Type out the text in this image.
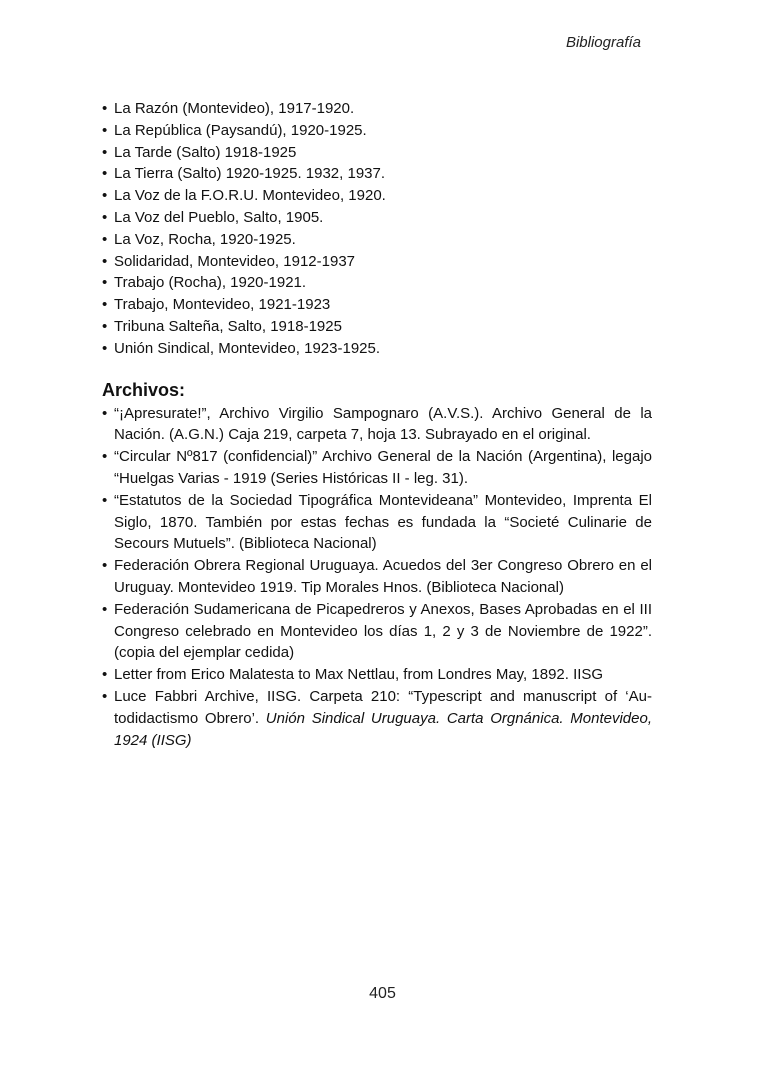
Bibliografía
• La Razón (Montevideo), 1917-1920.
• La República (Paysandú), 1920-1925.
• La Tarde (Salto) 1918-1925
• La Tierra (Salto) 1920-1925. 1932, 1937.
• La Voz de la F.O.R.U. Montevideo, 1920.
• La Voz del Pueblo, Salto, 1905.
• La Voz, Rocha, 1920-1925.
• Solidaridad, Montevideo, 1912-1937
• Trabajo (Rocha), 1920-1921.
• Trabajo, Montevideo, 1921-1923
• Tribuna Salteña, Salto, 1918-1925
• Unión Sindical, Montevideo, 1923-1925.
Archivos:
• “¡Apresurate!”, Archivo Virgilio Sampognaro (A.V.S.). Archivo General de la Nación. (A.G.N.) Caja 219, carpeta 7, hoja 13. Subrayado en el original.
• “Circular Nº817 (confidencial)” Archivo General de la Nación (Argentina), legajo “Huelgas Varias - 1919 (Series Históricas II - leg. 31).
• “Estatutos de la Sociedad Tipográfica Montevideana” Montevideo, Imprenta El Siglo, 1870. También por estas fechas es fundada la “Societé Culinarie de Secours Mutuels”. (Biblioteca Nacional)
• Federación Obrera Regional Uruguaya. Acuedos del 3er Congreso Obrero en el Uruguay. Montevideo 1919. Tip Morales Hnos. (Biblioteca Nacional)
• Federación Sudamericana de Picapedreros y Anexos, Bases Aprobadas en el III Congreso celebrado en Montevideo los días 1, 2 y 3 de Noviembre de 1922”. (copia del ejemplar cedida)
• Letter from Erico Malatesta to Max Nettlau, from Londres May, 1892. IISG
• Luce Fabbri Archive, IISG. Carpeta 210: “Typescript and manuscript of ‘Autodidactismo Obrero’. Unión Sindical Uruguaya. Carta Orgnánica. Montevideo, 1924 (IISG)
405
